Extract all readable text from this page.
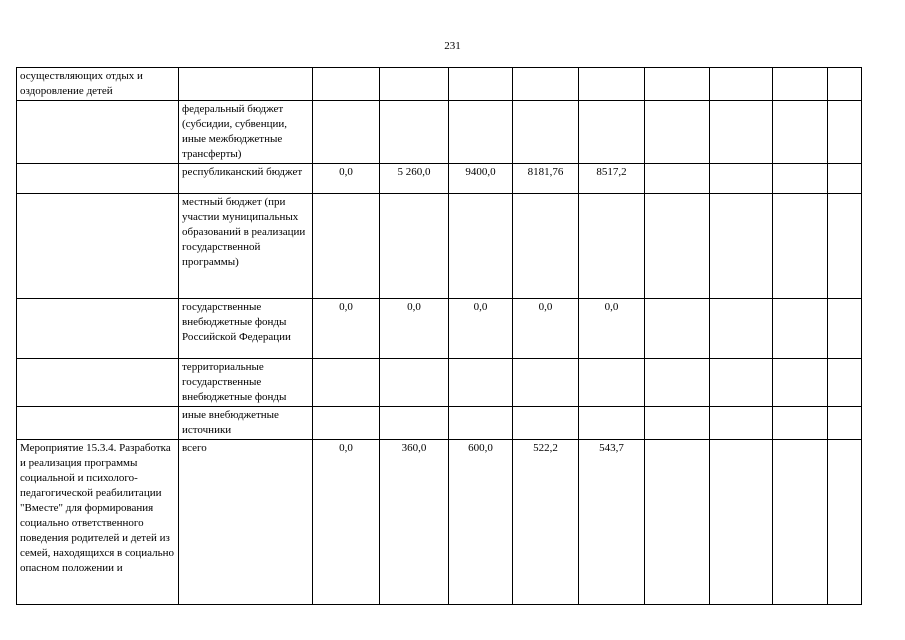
231
осуществляющих отдых и оздоровление детей										
	федеральный бюджет (субсидии, субвенции, иные межбюджетные трансферты)									
	республиканский бюджет	0,0	5 260,0	9400,0	8181,76	8517,2				
	местный бюджет (при участии муниципальных образований в реализации государственной программы)									
	государственные внебюджетные фонды Российской Федерации	0,0	0,0	0,0	0,0	0,0				
	территориальные государственные внебюджетные фонды									
	иные внебюджетные источники									
Мероприятие 15.3.4. Разработка и реализация программы социальной и психолого-педагогической реабилитации "Вместе" для формирования социально ответственного поведения родителей и детей из семей, находящихся в социально опасном положении и	всего	0,0	360,0	600,0	522,2	543,7				
